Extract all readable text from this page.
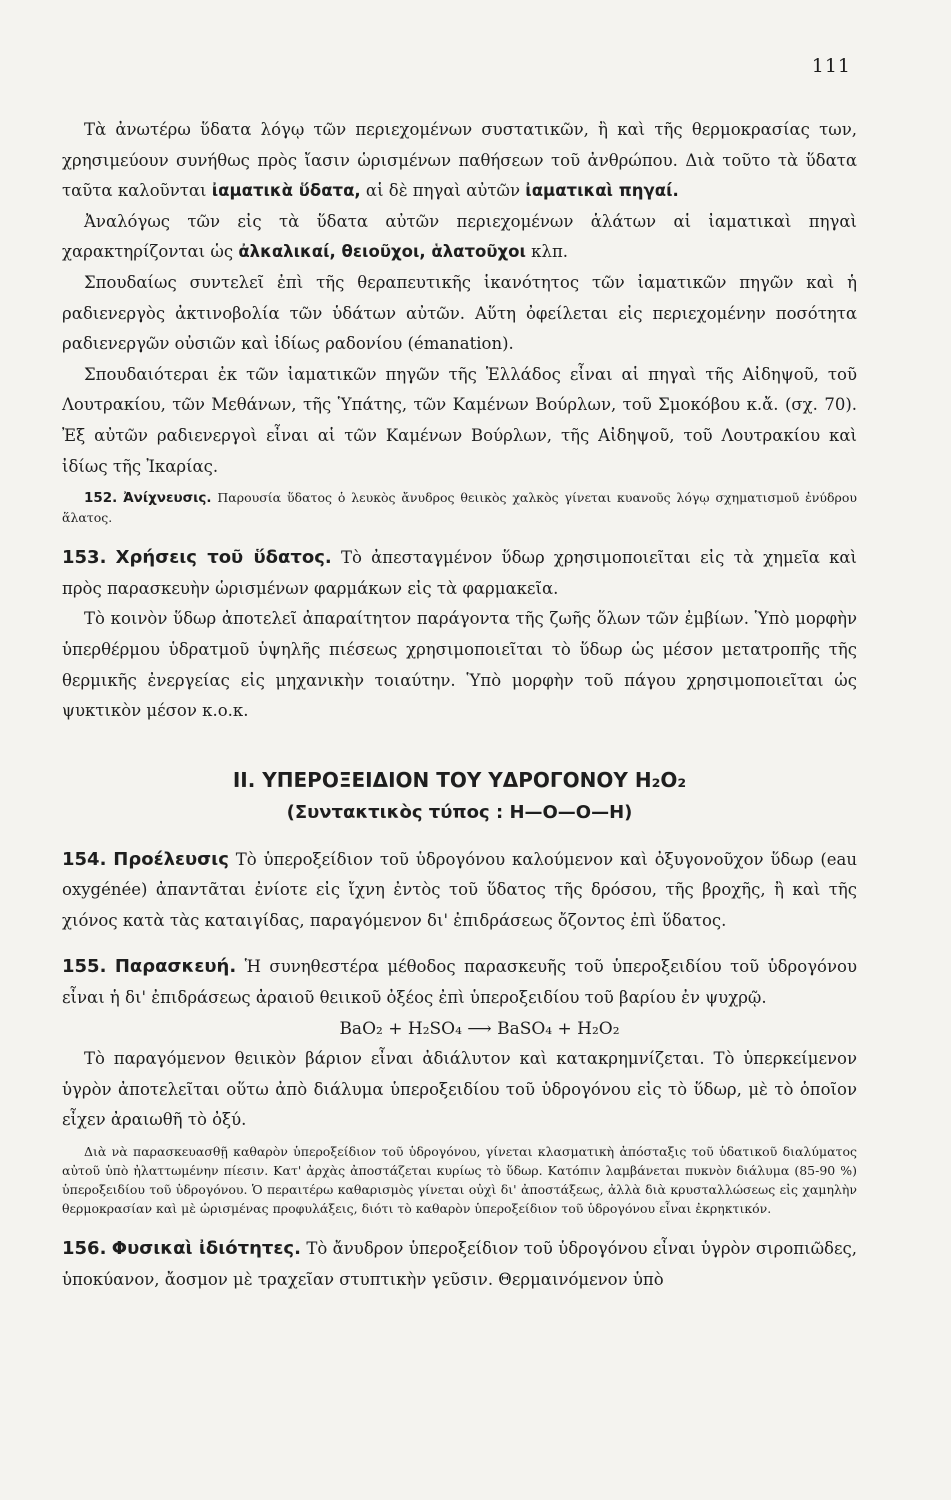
111

Τὰ ἀνωτέρω ὕδατα λόγῳ τῶν περιεχομένων συστατικῶν, ἢ καὶ τῆς θερμοκρασίας των, χρησιμεύουν συνήθως πρὸς ἴασιν ὡρισμένων παθήσεων τοῦ ἀνθρώπου. Διὰ τοῦτο τὰ ὕδατα ταῦτα καλοῦνται ἰαματικὰ ὕδατα, αἱ δὲ πηγαὶ αὐτῶν ἰαματικαὶ πηγαί.

Ἀναλόγως τῶν εἰς τὰ ὕδατα αὐτῶν περιεχομένων ἁλάτων αἱ ἰαματικαὶ πηγαὶ χαρακτηρίζονται ὡς ἀλκαλικαί, θειοῦχοι, ἁλατοῦχοι κλπ.

Σπουδαίως συντελεῖ ἐπὶ τῆς θεραπευτικῆς ἱκανότητος τῶν ἰαματικῶν πηγῶν καὶ ἡ ραδιενεργὸς ἀκτινοβολία τῶν ὑδάτων αὐτῶν. Αὕτη ὀφείλεται εἰς περιεχομένην ποσότητα ραδιενεργῶν οὐσιῶν καὶ ἰδίως ραδονίου (émanation).

Σπουδαιότεραι ἐκ τῶν ἰαματικῶν πηγῶν τῆς Ἑλλάδος εἶναι αἱ πηγαὶ τῆς Αἰδηψοῦ, τοῦ Λουτρακίου, τῶν Μεθάνων, τῆς Ὑπάτης, τῶν Καμένων Βούρλων, τοῦ Σμοκόβου κ.ἄ. (σχ. 70). Ἐξ αὐτῶν ραδιενεργοὶ εἶναι αἱ τῶν Καμένων Βούρλων, τῆς Αἰδηψοῦ, τοῦ Λουτρακίου καὶ ἰδίως τῆς Ἰκαρίας.

152. Ἀνίχνευσις. Παρουσία ὕδατος ὁ λευκὸς ἄνυδρος θειικὸς χαλκὸς γίνεται κυανοῦς λόγῳ σχηματισμοῦ ἐνύδρου ἅλατος.

153. Χρήσεις τοῦ ὕδατος. Τὸ ἀπεσταγμένον ὕδωρ χρησιμοποιεῖται εἰς τὰ χημεῖα καὶ πρὸς παρασκευὴν ὡρισμένων φαρμάκων εἰς τὰ φαρμακεῖα.

Τὸ κοινὸν ὕδωρ ἀποτελεῖ ἀπαραίτητον παράγοντα τῆς ζωῆς ὅλων τῶν ἐμβίων. Ὑπὸ μορφὴν ὑπερθέρμου ὑδρατμοῦ ὑψηλῆς πιέσεως χρησιμοποιεῖται τὸ ὕδωρ ὡς μέσον μετατροπῆς τῆς θερμικῆς ἐνεργείας εἰς μηχανικὴν τοιαύτην. Ὑπὸ μορφὴν τοῦ πάγου χρησιμοποιεῖται ὡς ψυκτικὸν μέσον κ.ο.κ.

ΙΙ. ΥΠΕΡΟΞΕΙΔΙΟΝ ΤΟΥ ΥΔΡΟΓΟΝΟΥ H₂O₂
(Συντακτικὸς τύπος : H—O—O—H)

154. Προέλευσις Τὸ ὑπεροξείδιον τοῦ ὑδρογόνου καλούμενον καὶ ὀξυγονοῦχον ὕδωρ (eau oxygénée) ἀπαντᾶται ἐνίοτε εἰς ἴχνη ἐντὸς τοῦ ὕδατος τῆς δρόσου, τῆς βροχῆς, ἢ καὶ τῆς χιόνος κατὰ τὰς καταιγίδας, παραγόμενον δι' ἐπιδράσεως ὄζοντος ἐπὶ ὕδατος.

155. Παρασκευή. Ἡ συνηθεστέρα μέθοδος παρασκευῆς τοῦ ὑπεροξειδίου τοῦ ὑδρογόνου εἶναι ἡ δι' ἐπιδράσεως ἀραιοῦ θειικοῦ ὀξέος ἐπὶ ὑπεροξειδίου τοῦ βαρίου ἐν ψυχρῷ.

BaO₂ + H₂SO₄ ⟶ BaSO₄ + H₂O₂

Τὸ παραγόμενον θειικὸν βάριον εἶναι ἀδιάλυτον καὶ κατακρημνίζεται. Τὸ ὑπερκείμενον ὑγρὸν ἀποτελεῖται οὕτω ἀπὸ διάλυμα ὑπεροξειδίου τοῦ ὑδρογόνου εἰς τὸ ὕδωρ, μὲ τὸ ὁποῖον εἶχεν ἀραιωθῆ τὸ ὀξύ.

Διὰ νὰ παρασκευασθῇ καθαρὸν ὑπεροξείδιον τοῦ ὑδρογόνου, γίνεται κλασματικὴ ἀπόσταξις τοῦ ὑδατικοῦ διαλύματος αὐτοῦ ὑπὸ ἠλαττωμένην πίεσιν. Κατ' ἀρχὰς ἀποστάζεται κυρίως τὸ ὕδωρ. Κατόπιν λαμβάνεται πυκνὸν διάλυμα (85-90 %) ὑπεροξειδίου τοῦ ὑδρογόνου. Ὁ περαιτέρω καθαρισμὸς γίνεται οὐχὶ δι' ἀποστάξεως, ἀλλὰ διὰ κρυσταλλώσεως εἰς χαμηλὴν θερμοκρασίαν καὶ μὲ ὡρισμένας προφυλάξεις, διότι τὸ καθαρὸν ὑπεροξείδιον τοῦ ὑδρογόνου εἶναι ἐκρηκτικόν.

156. Φυσικαὶ ἰδιότητες. Τὸ ἄνυδρον ὑπεροξείδιον τοῦ ὑδρογόνου εἶναι ὑγρὸν σιροπιῶδες, ὑποκύανον, ἄοσμον μὲ τραχεῖαν στυπτικὴν γεῦσιν. Θερμαινόμενον ὑπὸ
